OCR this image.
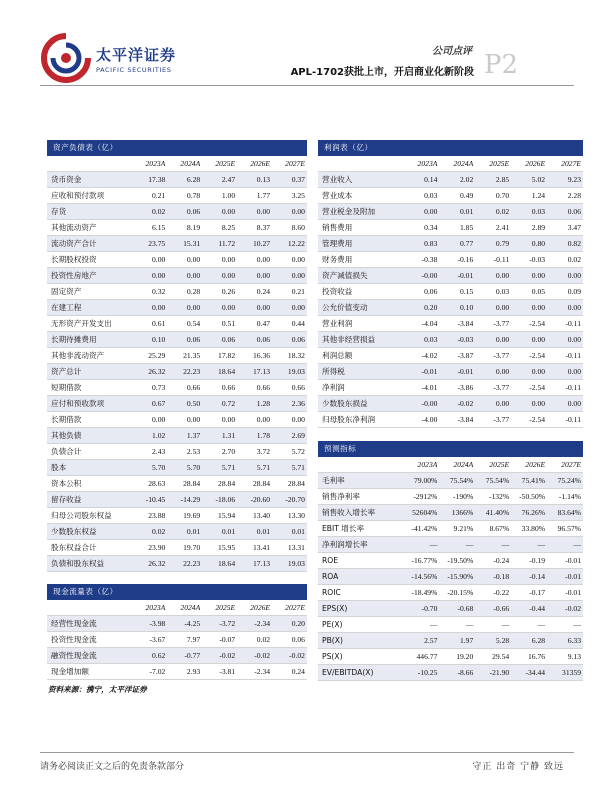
太平洋证券
PACIFIC SECURITIES
公司点评
APL-1702获批上市，开启商业化新阶段 P2
资产负债表（亿）
2023A	2024A	2025E	2026E	2027E
货币资金	17.38	6.28	2.47	0.13	0.37
应收和预付款项	0.21	0.78	1.00	1.77	3.25
存货	0.02	0.06	0.00	0.00	0.00
其他流动资产	6.15	8.19	8.25	8.37	8.60
流动资产合计	23.75	15.31	11.72	10.27	12.22
长期股权投资	0.00	0.00	0.00	0.00	0.00
投资性房地产	0.00	0.00	0.00	0.00	0.00
固定资产	0.32	0.28	0.26	0.24	0.21
在建工程	0.00	0.00	0.00	0.00	0.00
无形资产开发支出	0.61	0.54	0.51	0.47	0.44
长期待摊费用	0.10	0.06	0.06	0.06	0.06
其他非流动资产	25.29	21.35	17.82	16.36	18.32
资产总计	26.32	22.23	18.64	17.13	19.03
短期借款	0.73	0.66	0.66	0.66	0.66
应付和预收款项	0.67	0.50	0.72	1.28	2.36
长期借款	0.00	0.00	0.00	0.00	0.00
其他负债	1.02	1.37	1.31	1.78	2.69
负债合计	2.43	2.53	2.70	3.72	5.72
股本	5.70	5.70	5.71	5.71	5.71
资本公积	28.63	28.84	28.84	28.84	28.84
留存收益	-10.45	-14.29	-18.06	-20.60	-20.70
归母公司股东权益	23.88	19.69	15.94	13.40	13.30
少数股东权益	0.02	0.01	0.01	0.01	0.01
股东权益合计	23.90	19.70	15.95	13.41	13.31
负债和股东权益	26.32	22.23	18.64	17.13	19.03
现金流量表（亿）
2023A	2024A	2025E	2026E	2027E
经营性现金流	-3.98	-4.25	-3.72	-2.34	0.20
投资性现金流	-3.67	7.97	-0.07	0.02	0.06
融资性现金流	0.62	-0.77	-0.02	-0.02	-0.02
现金增加额	-7.02	2.93	-3.81	-2.34	0.24
利润表（亿）
2023A	2024A	2025E	2026E	2027E
营业收入	0.14	2.02	2.85	5.02	9.23
营业成本	0.03	0.49	0.70	1.24	2.28
营业税金及附加	0.00	0.01	0.02	0.03	0.06
销售费用	0.34	1.85	2.41	2.89	3.47
管理费用	0.83	0.77	0.79	0.80	0.82
财务费用	-0.38	-0.16	-0.11	-0.03	0.02
资产减值损失	-0.00	-0.01	0.00	0.00	0.00
投资收益	0.06	0.15	0.03	0.05	0.09
公允价值变动	0.20	0.10	0.00	0.00	0.00
营业利润	-4.04	-3.84	-3.77	-2.54	-0.11
其他非经营损益	0.03	-0.03	0.00	0.00	0.00
利润总额	-4.02	-3.87	-3.77	-2.54	-0.11
所得税	-0.01	-0.01	0.00	0.00	0.00
净利润	-4.01	-3.86	-3.77	-2.54	-0.11
少数股东损益	-0.00	-0.02	0.00	0.00	0.00
归母股东净利润	-4.00	-3.84	-3.77	-2.54	-0.11
预测指标
2023A	2024A	2025E	2026E	2027E
毛利率	79.00%	75.54%	75.54%	75.41%	75.24%
销售净利率	-2912%	-190%	-132%	-50.50%	-1.14%
销售收入增长率	52604%	1366%	41.40%	76.26%	83.64%
EBIT 增长率	-41.42%	9.21%	8.67%	33.80%	96.57%
净利润增长率	—	—	—	—	—
ROE	-16.77%	-19.50%	-0.24	-0.19	-0.01
ROA	-14.56%	-15.90%	-0.18	-0.14	-0.01
ROIC	-18.49%	-20.15%	-0.22	-0.17	-0.01
EPS(X)	-0.70	-0.68	-0.66	-0.44	-0.02
PE(X)	—	—	—	—	—
PB(X)	2.57	1.97	5.28	6.28	6.33
PS(X)	446.77	19.20	29.54	16.76	9.13
EV/EBITDA(X)	-10.25	-8.66	-21.90	-34.44	31359
资料来源：携宁，太平洋证券
请务必阅读正文之后的免责条款部分	守正 出奇 宁静 致远
